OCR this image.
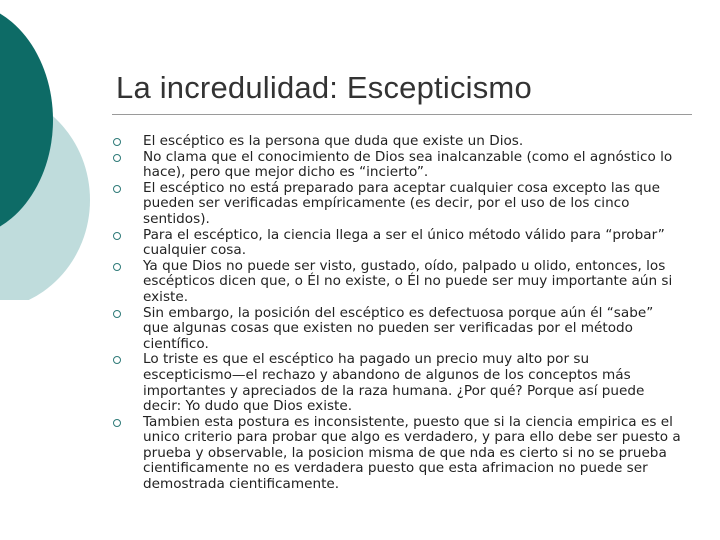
La incredulidad: Escepticismo
El escéptico es la persona que duda que existe un Dios.
No clama que el conocimiento de Dios sea inalcanzable (como el agnóstico lo hace), pero que mejor dicho es “incierto”.
El escéptico no está preparado para aceptar cualquier cosa excepto las que pueden ser verificadas empíricamente (es decir, por el uso de los cinco sentidos).
Para el escéptico, la ciencia llega a ser el único método válido para “probar” cualquier cosa.
Ya que Dios no puede ser visto, gustado, oído, palpado u olido, entonces, los escépticos dicen que, o Él no existe, o Él no puede ser muy importante aún si existe.
Sin embargo, la posición del escéptico es defectuosa porque aún él “sabe” que algunas cosas que existen no pueden ser verificadas por el método científico.
Lo triste es que el escéptico ha pagado un precio muy alto por su escepticismo—el rechazo y abandono de algunos de los conceptos más importantes y apreciados de la raza humana. ¿Por qué? Porque así puede decir: Yo dudo que Dios existe.
Tambien esta postura es inconsistente, puesto que si la ciencia empirica es el unico criterio para probar que algo es verdadero, y para ello debe ser puesto a prueba y observable, la posicion misma de que nda es cierto si no se prueba cientificamente no es verdadera puesto que esta afrimacion no puede ser demostrada cientificamente.
